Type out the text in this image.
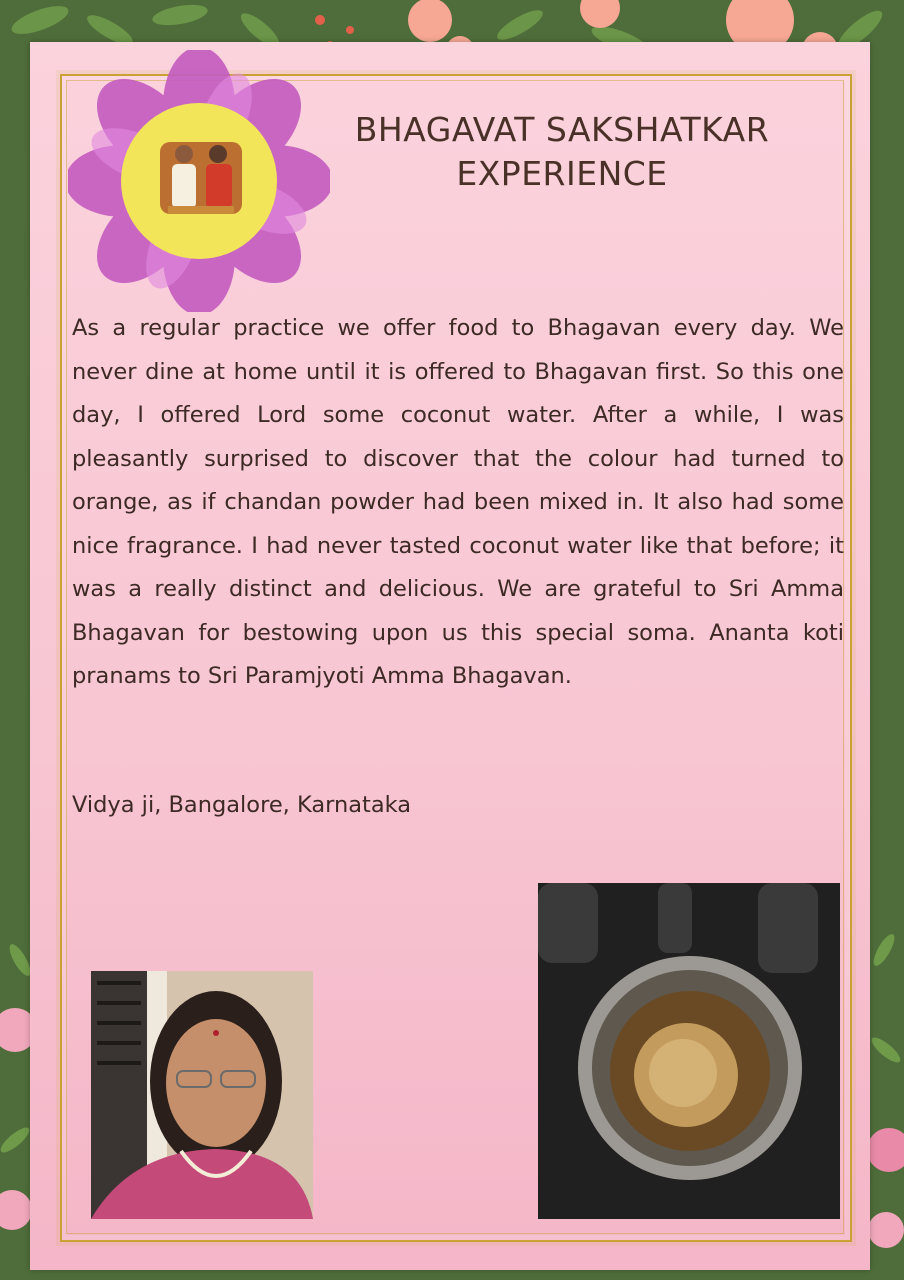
BHAGAVAT SAKSHATKAR
EXPERIENCE
As a regular practice we offer food to Bhagavan every day. We never dine at home until it is offered to Bhagavan first. So this one day, I offered Lord some coconut water. After a while, I was pleasantly surprised to discover that the colour had turned to orange, as if chandan powder had been mixed in. It also had some nice fragrance. I had never tasted coconut water like that before; it was a really distinct and delicious. We are grateful to Sri Amma Bhagavan for bestowing upon us this special soma. Ananta koti pranams to Sri Paramjyoti Amma Bhagavan.
Vidya ji, Bangalore, Karnataka
